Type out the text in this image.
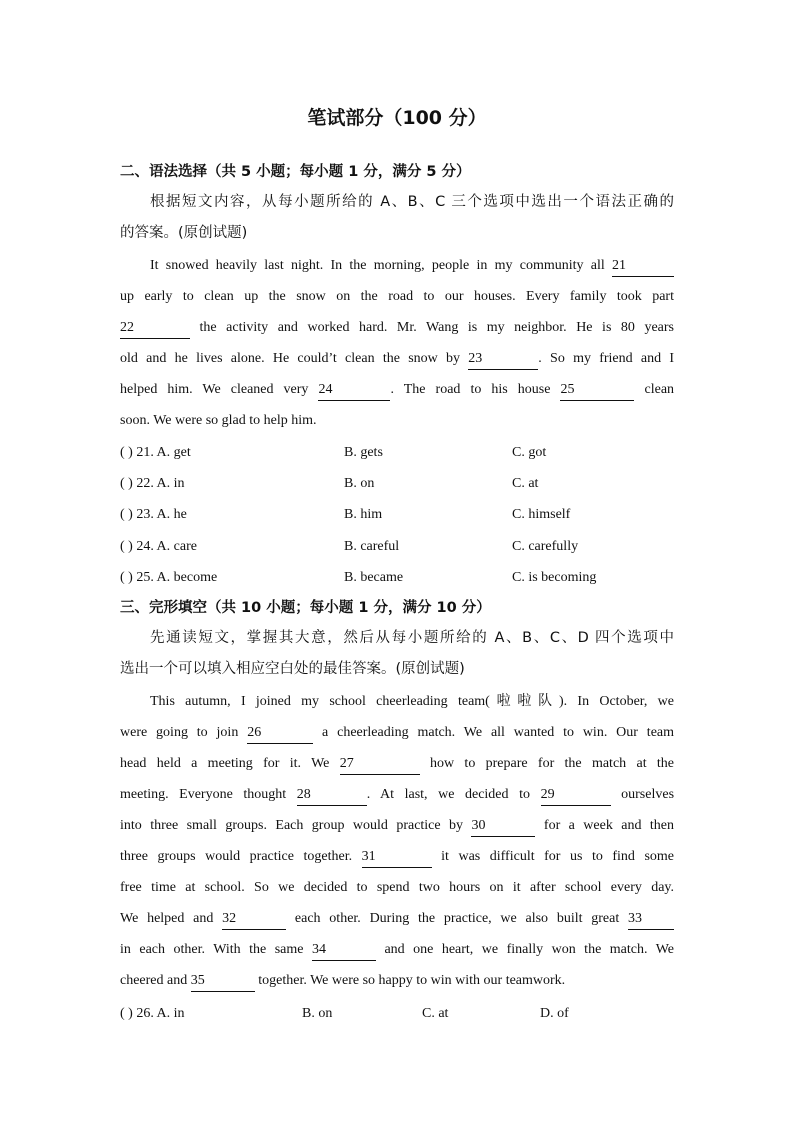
笔试部分（100 分）
二、语法选择（共 5 小题；每小题 1 分，满分 5 分）
根据短文内容，从每小题所给的 A、B、C 三个选项中选出一个语法正确的
的答案。(原创试题)
It snowed heavily last night. In the morning, people in my community all 21
up early to clean up the snow on the road to our houses. Every family took part
22	the activity and worked hard. Mr. Wang is my neighbor. He is 80 years
old and he lives alone. He could’t clean the snow by 23	. So my friend and I
helped him. We cleaned very 24	. The road to his house 25	clean
soon. We were so glad to help him.
( ) 21. A. get	B. gets	C. got
( ) 22. A. in	B. on	C. at
( ) 23. A. he	B. him	C. himself
( ) 24. A. care	B. careful	C. carefully
( ) 25. A. become	B. became	C. is becoming
三、完形填空（共 10 小题；每小题 1 分，满分 10 分）
先通读短文，掌握其大意，然后从每小题所给的 A、B、C、D 四个选项中
选出一个可以填入相应空白处的最佳答案。(原创试题)
This autumn, I joined my school cheerleading team(啦啦队). In October, we
were going to join 26	a cheerleading match. We all wanted to win. Our team
head held a meeting for it. We 27	how to prepare for the match at the
meeting. Everyone thought 28	. At last, we decided to 29	ourselves
into three small groups. Each group would practice by 30	for a week and then
three groups would practice together. 31	it was difficult for us to find some
free time at school. So we decided to spend two hours on it after school every day.
We helped and 32	each other. During the practice, we also built great 33
in each other. With the same 34	and one heart, we finally won the match. We
cheered and 35	together. We were so happy to win with our teamwork.
( ) 26. A. in	B. on	C. at	D. of
